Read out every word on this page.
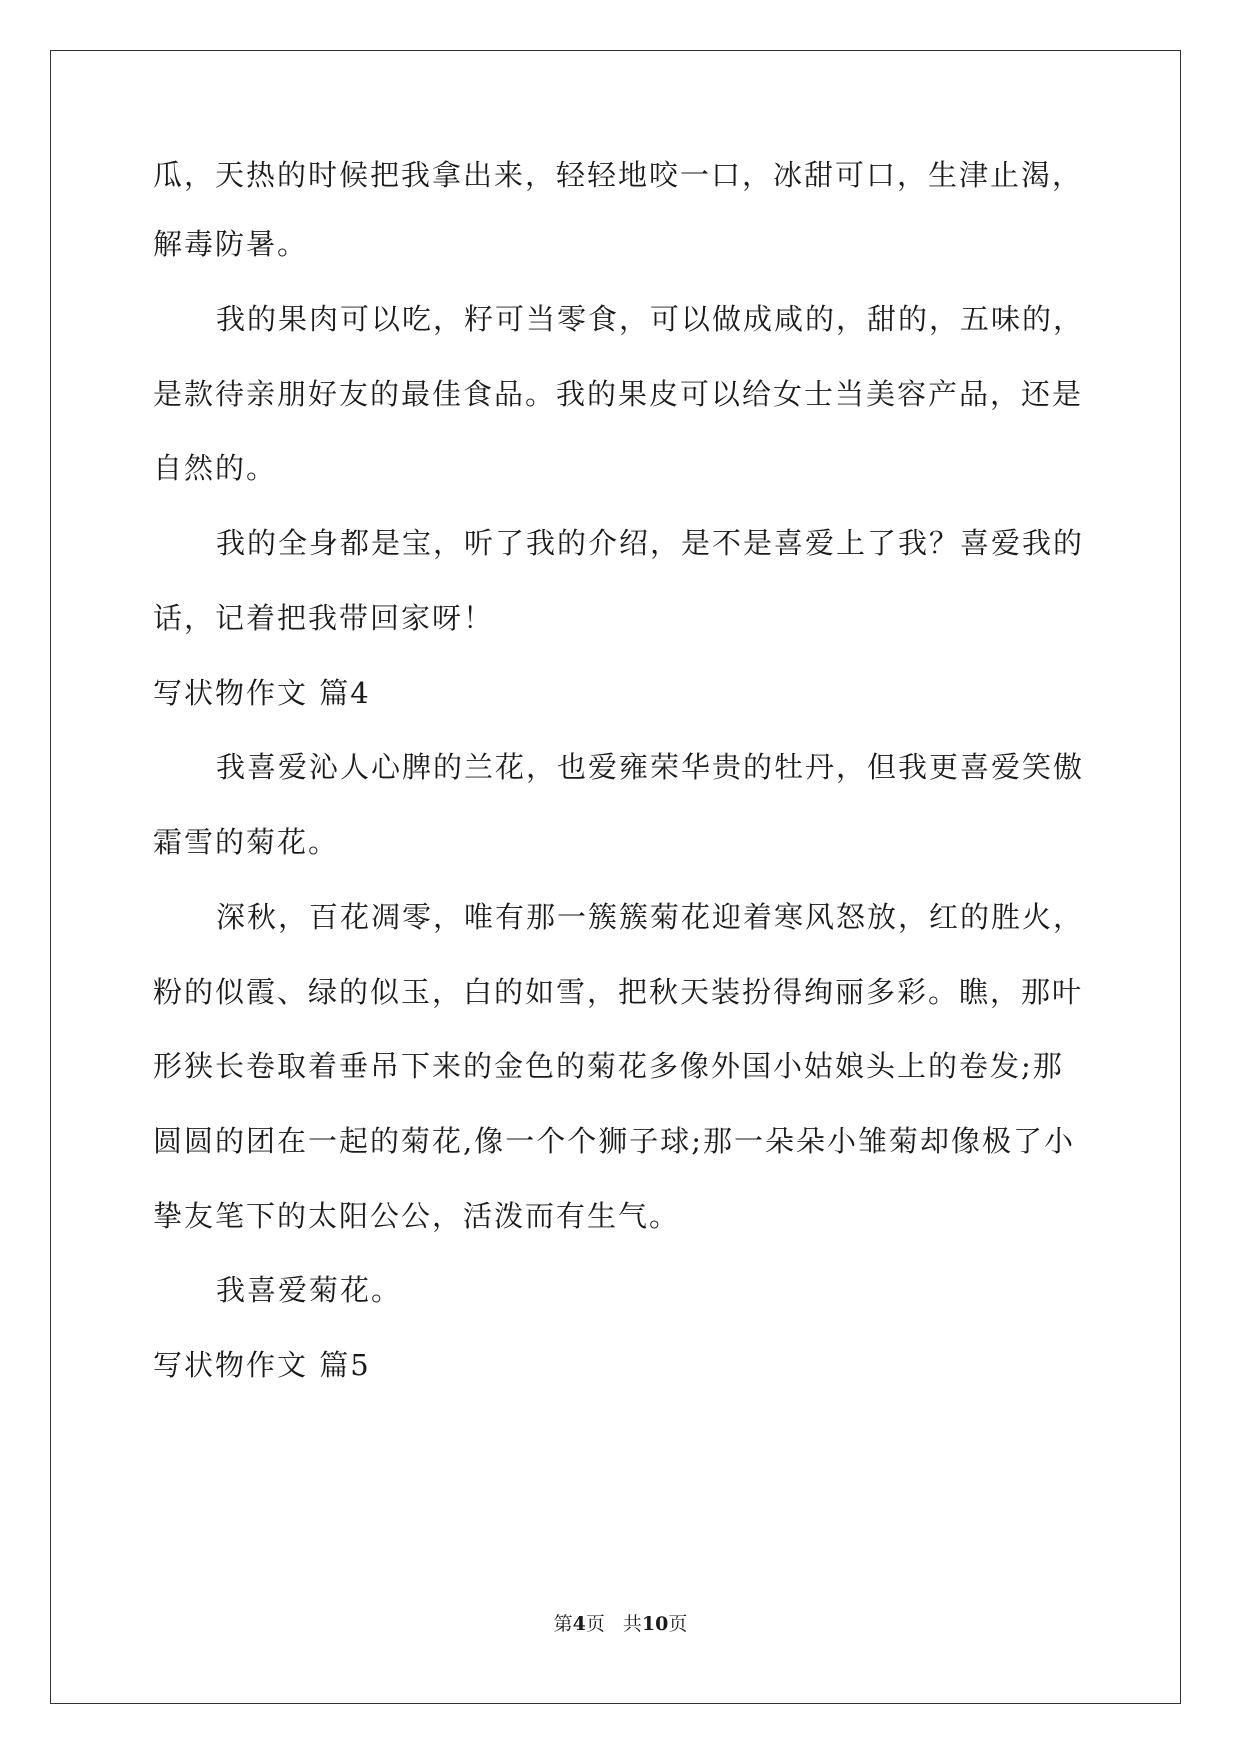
瓜，天热的时候把我拿出来，轻轻地咬一口，冰甜可口，生津止渴，
解毒防暑。
我的果肉可以吃，籽可当零食，可以做成咸的，甜的，五味的，
是款待亲朋好友的最佳食品。我的果皮可以给女士当美容产品，还是
自然的。
我的全身都是宝，听了我的介绍，是不是喜爱上了我？喜爱我的
话，记着把我带回家呀！
写状物作文 篇4
我喜爱沁人心脾的兰花，也爱雍荣华贵的牡丹，但我更喜爱笑傲
霜雪的菊花。
深秋，百花凋零，唯有那一簇簇菊花迎着寒风怒放，红的胜火，
粉的似霞、绿的似玉，白的如雪，把秋天装扮得绚丽多彩。瞧，那叶
形狭长卷取着垂吊下来的金色的菊花多像外国小姑娘头上的卷发;那
圆圆的团在一起的菊花,像一个个狮子球;那一朵朵小雏菊却像极了小
挚友笔下的太阳公公，活泼而有生气。
我喜爱菊花。
写状物作文 篇5
第4页 共10页
